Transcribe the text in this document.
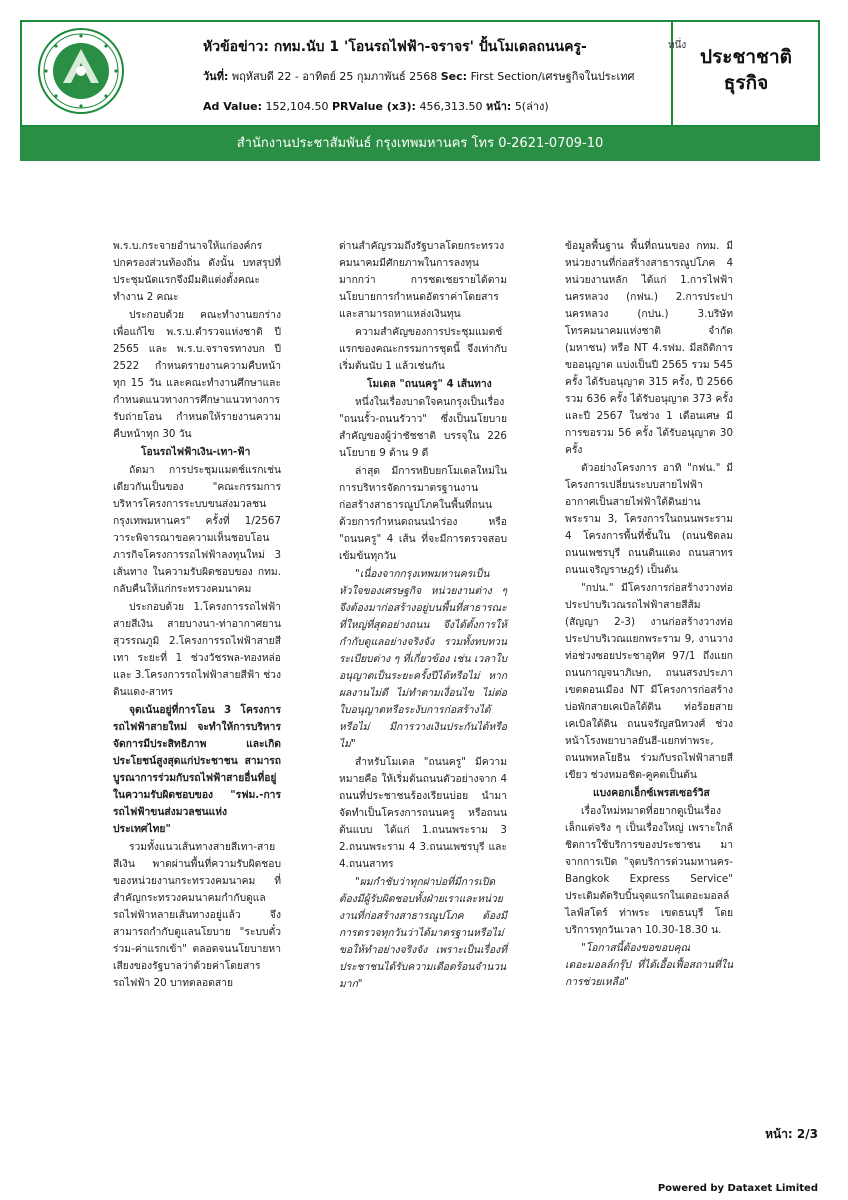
หัวข้อข่าว: กทม.นับ 1 'โอนรถไฟฟ้า-จราจร' ปั้นโมเดลถนนครู-
วันที่: พฤหัสบดี 22 - อาทิตย์ 25 กุมภาพันธ์ 2568 Sec: First Section/เศรษฐกิจในประเทศ
Ad Value: 152,104.50 PRValue (x3): 456,313.50 หน้า: 5(ล่าง)
หนึ่ง
ประชาชาติ
ธุรกิจ
สำนักงานประชาสัมพันธ์ กรุงเทพมหานคร โทร 0-2621-0709-10

พ.ร.บ.กระจายอำนาจให้แก่องค์กรปกครองส่วนท้องถิ่น ดังนั้น บทสรุปที่ประชุมนัดแรกจึงมีมติแต่งตั้งคณะทำงาน 2 คณะ

ประกอบด้วย คณะทำงานยกร่างเพื่อแก้ไข พ.ร.บ.ตำรวจแห่งชาติ ปี 2565 และ พ.ร.บ.จราจรทางบก ปี 2522 กำหนดรายงานความคืบหน้าทุก 15 วัน และคณะทำงานศึกษาและกำหนดแนวทางการศึกษาแนวทางการรับถ่ายโอน กำหนดให้รายงานความคืบหน้าทุก 30 วัน

โอนรถไฟฟ้าเงิน-เทา-ฟ้า

ถัดมา การประชุมแมตช์แรกเช่นเดียวกันเป็นของ "คณะกรรมการบริหารโครงการระบบขนส่งมวลชนกรุงเทพมหานคร" ครั้งที่ 1/2567 วาระพิจารณาขอความเห็นชอบโอนภารกิจโครงการรถไฟฟ้าลงทุนใหม่ 3 เส้นทาง ในความรับผิดชอบของ กทม. กลับคืนให้แก่กระทรวงคมนาคม

ประกอบด้วย 1.โครงการรถไฟฟ้าสายสีเงิน สายบางนา-ท่าอากาศยานสุวรรณภูมิ 2.โครงการรถไฟฟ้าสายสีเทา ระยะที่ 1 ช่วงวัชรพล-ทองหล่อ และ 3.โครงการรถไฟฟ้าสายสีฟ้า ช่วงดินแดง-สาทร

จุดเน้นอยู่ที่การโอน 3 โครงการรถไฟฟ้าสายใหม่ จะทำให้การบริหารจัดการมีประสิทธิภาพ และเกิดประโยชน์สูงสุดแก่ประชาชน สามารถบูรณาการร่วมกับรถไฟฟ้าสายอื่นที่อยู่ในความรับผิดชอบของ "รฟม.-การรถไฟฟ้าขนส่งมวลชนแห่งประเทศไทย"

รวมทั้งแนวเส้นทางสายสีเทา-สายสีเงิน พาดผ่านพื้นที่ความรับผิดชอบของหน่วยงานกระทรวงคมนาคม ที่สำคัญกระทรวงคมนาคมกำกับดูแลรถไฟฟ้าหลายเส้นทางอยู่แล้ว จึงสามารถกำกับดูแลนโยบาย "ระบบตั๋วร่วม-ค่าแรกเข้า" ตลอดจนนโยบายหาเสียงของรัฐบาลว่าด้วยค่าโดยสารรถไฟฟ้า 20 บาทตลอดสาย

ด่านสำคัญรวมถึงรัฐบาลโดยกระทรวงคมนาคมมีศักยภาพในการลงทุนมากกว่า การชดเชยรายได้ตามนโยบายการกำหนดอัตราค่าโดยสารและสามารถหาแหล่งเงินทุน

ความสำคัญของการประชุมแมตช์แรกของคณะกรรมการชุดนี้ จึงเท่ากับเริ่มต้นนับ 1 แล้วเช่นกัน

โมเดล "ถนนครู" 4 เส้นทาง

หนึ่งในเรื่องบาดใจคนกรุงเป็นเรื่อง "ถนนรั้ว-ถนนรัวาว" ซึ่งเป็นนโยบายสำคัญของผู้ว่าชัชชาติ บรรจุใน 226 นโยบาย 9 ด้าน 9 ดี

ล่าสุด มีการหยิบยกโมเดลใหม่ในการบริหารจัดการมาตรฐานงานก่อสร้างสาธารณูปโภคในพื้นที่ถนน ด้วยการกำหนดถนนนำร่อง หรือ "ถนนครู" 4 เส้น ที่จะมีการตรวจสอบเข้มข้นทุกวัน

"เนื่องจากกรุงเทพมหานครเป็นหัวใจของเศรษฐกิจ หน่วยงานต่าง ๆ จึงต้องมาก่อสร้างอยู่บนพื้นที่สาธารณะที่ใหญ่ที่สุดอย่างถนน จึงได้ตั้งการให้กำกับดูแลอย่างจริงจัง รวมทั้งทบทวนระเบียบต่าง ๆ ที่เกี่ยวข้อง เช่น เวลาใบอนุญาตเป็นระยะครั้งปีได้หรือไม่ หากผลงานไม่ดี ไม่ทำตามเงื่อนไข ไม่ต่อใบอนุญาตหรือระงับการก่อสร้างได้หรือไม่ มีการวางเงินประกันได้หรือไม่"

สำหรับโมเดล "ถนนครู" มีความหมายคือ ให้เริ่มต้นถนนตัวอย่างจาก 4 ถนนที่ประชาชนร้องเรียนบ่อย นำมาจัดทำเป็นโครงการถนนครู หรือถนนต้นแบบ ได้แก่ 1.ถนนพระราม 3 2.ถนนพระราม 4 3.ถนนเพชรบุรี และ 4.ถนนสาทร

"ผมกำชับว่าทุกฝาบ่อที่มีการเปิดต้องมีผู้รับผิดชอบทั้งฝ่ายเราและหน่วยงานที่ก่อสร้างสาธารณูปโภค ต้องมีการตรวจทุกวันว่าได้มาตรฐานหรือไม่ ขอให้ทำอย่างจริงจัง เพราะเป็นเรื่องที่ประชาชนได้รับความเดือดร้อนจำนวนมาก"

ข้อมูลพื้นฐาน พื้นที่ถนนของ กทม. มีหน่วยงานที่ก่อสร้างสาธารณูปโภค 4 หน่วยงานหลัก ได้แก่ 1.การไฟฟ้านครหลวง (กฟน.) 2.การประปานครหลวง (กปน.) 3.บริษัท โทรคมนาคมแห่งชาติ จำกัด (มหาชน) หรือ NT 4.รฟม. มีสถิติการขออนุญาต แบ่งเป็นปี 2565 รวม 545 ครั้ง ได้รับอนุญาต 315 ครั้ง, ปี 2566 รวม 636 ครั้ง ได้รับอนุญาต 373 ครั้ง และปี 2567 ในช่วง 1 เดือนเศษ มีการขอรวม 56 ครั้ง ได้รับอนุญาต 30 ครั้ง

ตัวอย่างโครงการ อาทิ "กฟน." มีโครงการเปลี่ยนระบบสายไฟฟ้าอากาศเป็นสายไฟฟ้าใต้ดินย่านพระราม 3, โครงการในถนนพระราม 4 โครงการพื้นที่ชั้นใน (ถนนชิดลม ถนนเพชรบุรี ถนนดินแดง ถนนสาทร ถนนเจริญราษฎร์) เป็นต้น

"กปน." มีโครงการก่อสร้างวางท่อประปาบริเวณรถไฟฟ้าสายสีส้ม (สัญญา 2-3) งานก่อสร้างวางท่อประปาบริเวณแยกพระราม 9, งานวางท่อช่วงซอยประชาอุทิศ 97/1 ถึงแยกถนนกาญจนาภิเษก, ถนนสรงประภา เขตดอนเมือง NT มีโครงการก่อสร้างบ่อพักสายเคเบิลใต้ดิน ท่อร้อยสายเคเบิลใต้ดิน ถนนจรัญสนิทวงศ์ ช่วงหน้าโรงพยาบาลยันฮี-แยกท่าพระ, ถนนพหลโยธิน ร่วมกับรถไฟฟ้าสายสีเขียว ช่วงหมอชิต-คูคตเป็นต้น

แบงคอกเอ็กซ์เพรสเซอร์วิส

เรื่องใหม่หมาดที่อยากดูเป็นเรื่องเล็กแต่จริง ๆ เป็นเรื่องใหญ่ เพราะใกล้ชิดการใช้บริการของประชาชน มาจากการเปิด "จุดบริการด่วนมหานคร-Bangkok Express Service" ประเดิมตัดริบบิ้นจุดแรกในเดอะมอลล์ ไลฟ์สโตร์ ท่าพระ เขตธนบุรี โดยบริการทุกวันเวลา 10.30-18.30 น.

"โอกาสนี้ต้องขอขอบคุณ เดอะมอลล์กรุ๊ป ที่ได้เอื้อเฟื้อสถานที่ในการช่วยเหลือ"

หน้า: 2/3
Powered by Dataxet Limited
